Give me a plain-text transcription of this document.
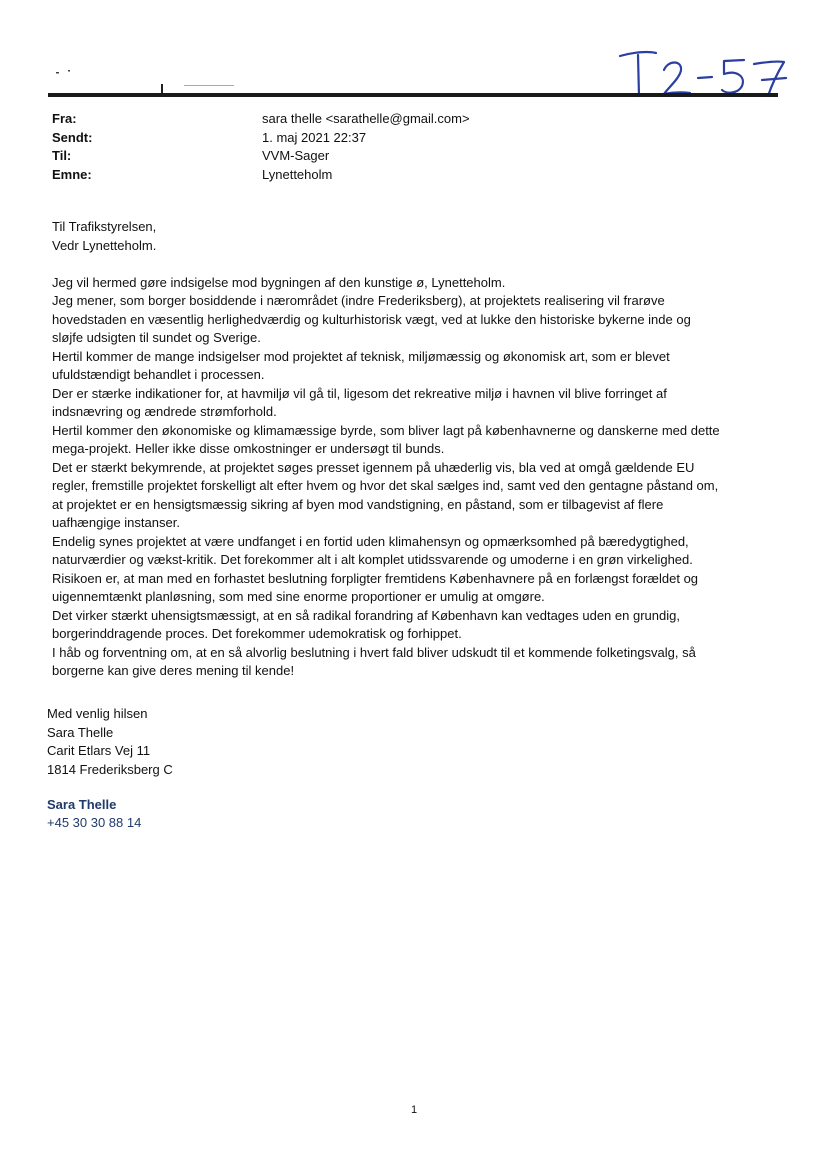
Fra:	sara thelle <sarathelle@gmail.com>
Sendt:	1. maj 2021 22:37
Til:	VVM-Sager
Emne:	Lynetteholm

Til Trafikstyrelsen,

Vedr Lynetteholm.

Jeg vil hermed gøre indsigelse mod bygningen af den kunstige ø, Lynetteholm.

Jeg mener, som borger bosiddende i nærområdet (indre Frederiksberg), at projektets realisering vil frarøve

hovedstaden en væsentlig herlighedværdig og kulturhistorisk vægt, ved at lukke den historiske bykerne inde og

sløjfe udsigten til sundet og Sverige.

Hertil kommer de mange indsigelser mod projektet af teknisk, miljømæssig og økonomisk art, som er blevet

ufuldstændigt behandlet i processen.

Der er stærke indikationer for, at havmiljø vil gå til, ligesom det rekreative miljø i havnen vil blive forringet af

indsnævring og ændrede strømforhold.

Hertil kommer den økonomiske og klimamæssige byrde, som bliver lagt på københavnerne og danskerne med dette

mega-projekt. Heller ikke disse omkostninger er undersøgt til bunds.

Det er stærkt bekymrende, at projektet søges presset igennem på uhæderlig vis, bla ved at omgå gældende EU

regler, fremstille projektet forskelligt alt efter hvem og hvor det skal sælges ind, samt ved den gentagne påstand om,

at projektet er en hensigtsmæssig sikring af byen mod vandstigning, en påstand, som er tilbagevist af flere

uafhængige instanser.

Endelig synes projektet at være undfanget i en fortid uden klimahensyn og opmærksomhed på bæredygtighed,

naturværdier og vækst-kritik. Det forekommer alt i alt komplet utidssvarende og umoderne i en grøn virkelighed.

Risikoen er, at man med en forhastet beslutning forpligter fremtidens Københavnere på en forlængst forældet og

uigennemtænkt planløsning, som med sine enorme proportioner er umulig at omgøre.

Det virker stærkt uhensigtsmæssigt, at en så radikal forandring af København kan vedtages uden en grundig,

borgerinddragende proces. Det forekommer udemokratisk og forhippet.

I håb og forventning om, at en så alvorlig beslutning i hvert fald bliver udskudt til et kommende folketingsvalg, så

borgerne kan give deres mening til kende!

Med venlig hilsen

Sara Thelle

Carit Etlars Vej 11

1814 Frederiksberg C

Sara Thelle
+45 30 30 88 14
1
